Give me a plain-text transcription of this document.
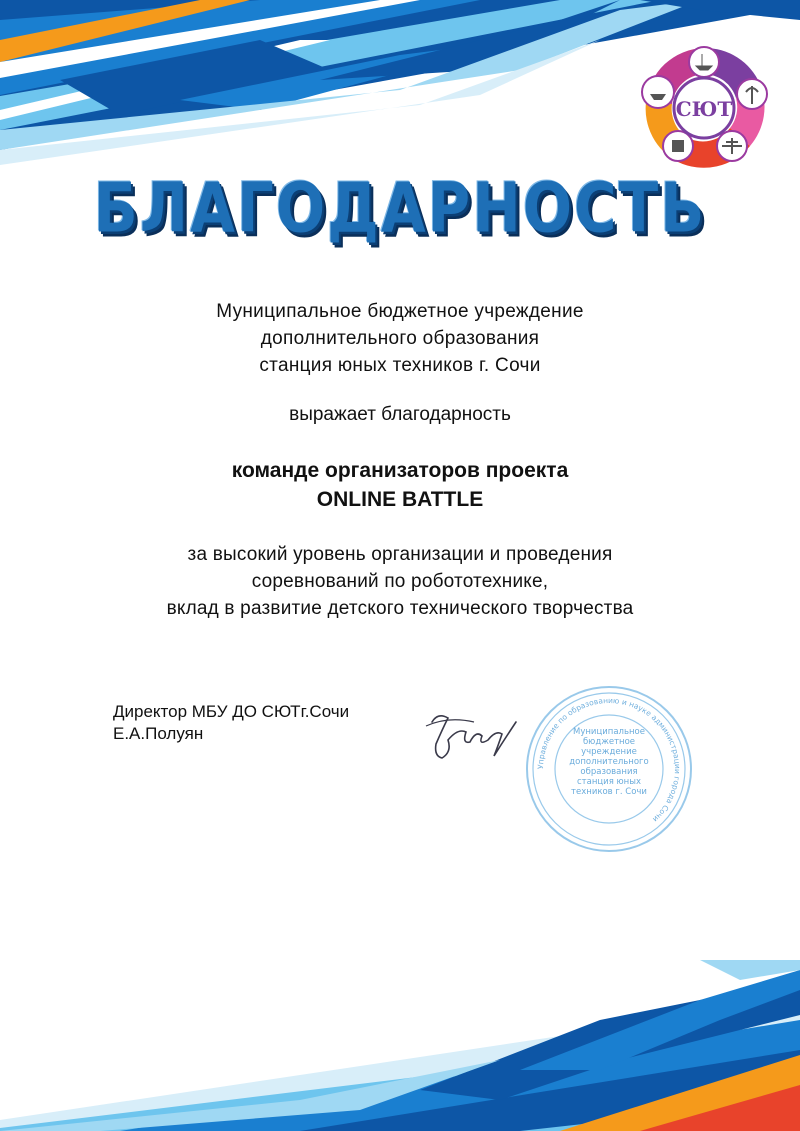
СЮТ
БЛАГОДАРНОСТЬ
Муниципальное бюджетное учреждение
дополнительного образования
станция юных техников г. Сочи
выражает благодарность
команде организаторов проекта
ONLINE BATTLE
за высокий уровень организации и проведения
соревнований по робототехнике,
вклад в развитие детского технического творчества
Директор МБУ ДО СЮТг.Сочи
Е.А.Полуян
Управление по образованию и науке администрации города Сочи
Муниципальное бюджетное учреждение дополнительного образования станция юных техников г. Сочи
